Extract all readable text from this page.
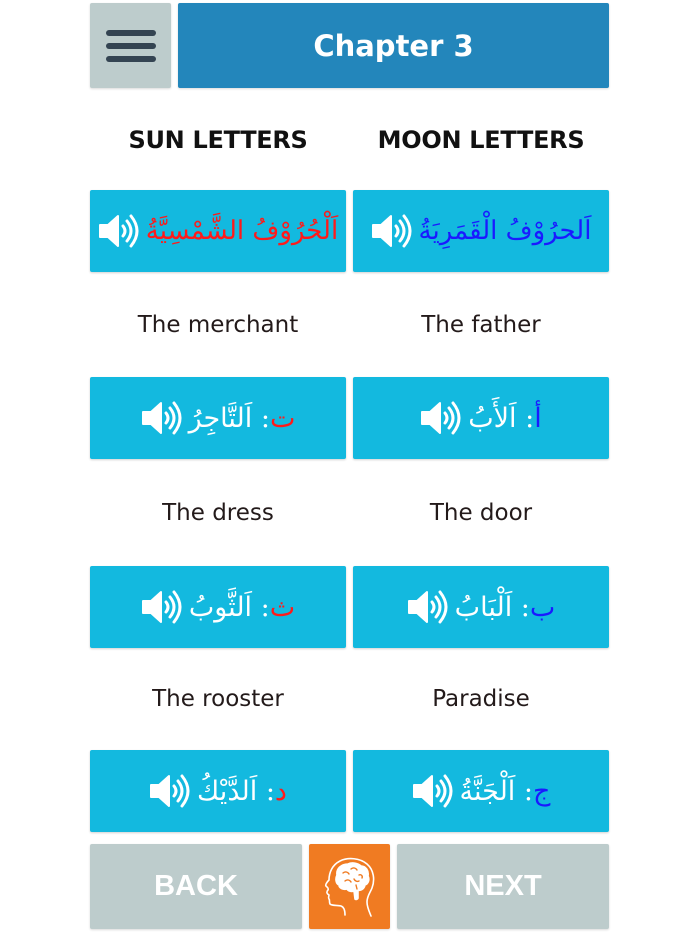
Chapter 3
SUN LETTERS	MOON LETTERS
اَلْحُرُوْفُ الشَّمْسِيَّةُ	اَلحرُوْفُ الْقَمَرِيَةُ
The merchant	The father
ت: اَلتَّاجِرُ	أ: اَلأَبُ
The dress	The door
ث: اَلثَّوبُ	ب: اَلْبَابُ
The rooster	Paradise
د: اَلدَّيْكُ	ج: اَلْجَنَّةُ
BACK	NEXT
